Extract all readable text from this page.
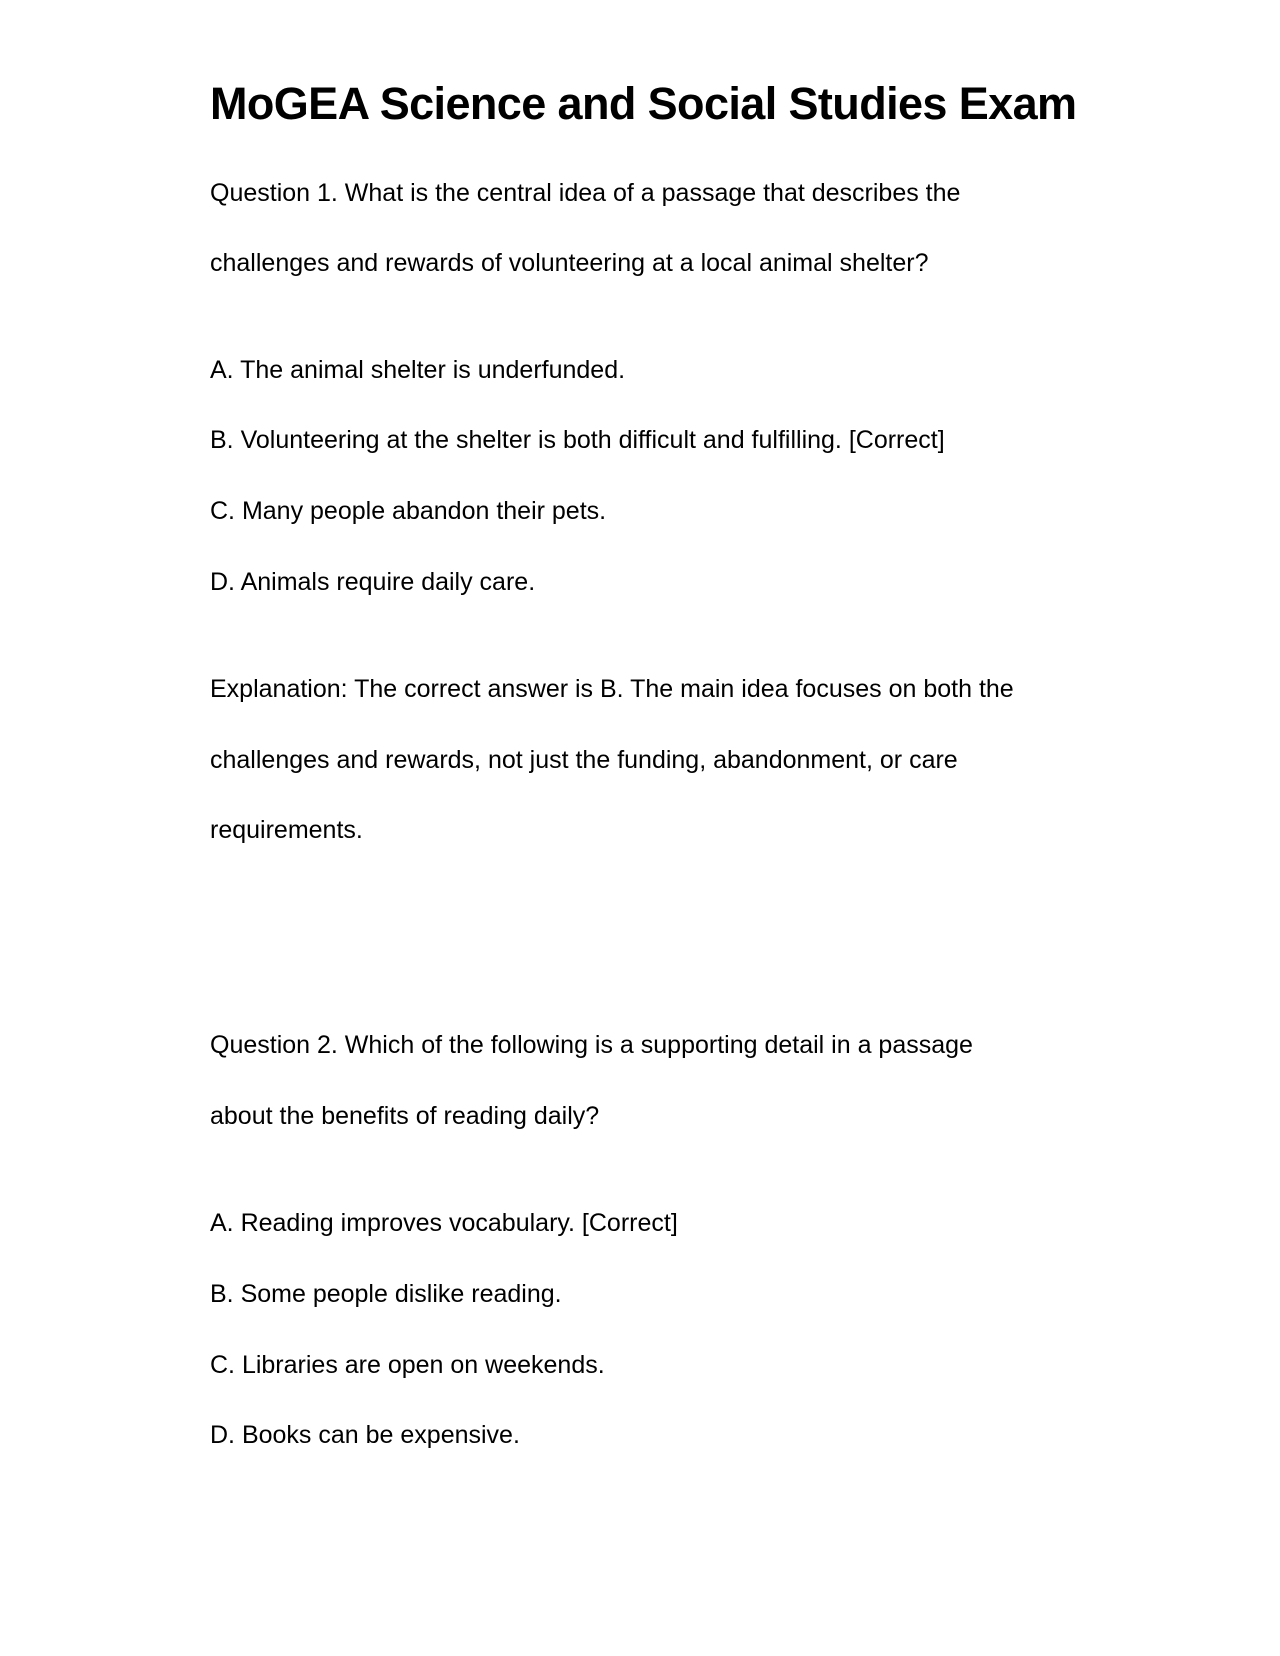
MoGEA Science and Social Studies Exam

Question 1. What is the central idea of a passage that describes the

challenges and rewards of volunteering at a local animal shelter?

A. The animal shelter is underfunded.

B. Volunteering at the shelter is both difficult and fulfilling. [Correct]

C. Many people abandon their pets.

D. Animals require daily care.

Explanation: The correct answer is B. The main idea focuses on both the

challenges and rewards, not just the funding, abandonment, or care

requirements.

Question 2. Which of the following is a supporting detail in a passage

about the benefits of reading daily?

A. Reading improves vocabulary. [Correct]

B. Some people dislike reading.

C. Libraries are open on weekends.

D. Books can be expensive.
